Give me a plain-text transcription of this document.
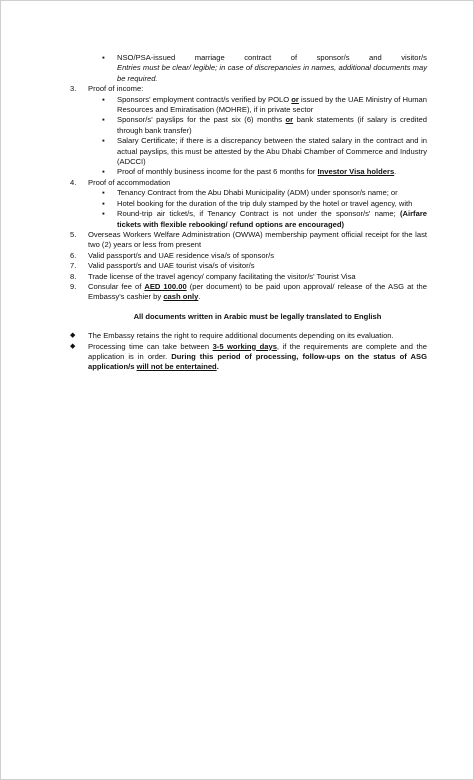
▪ NSO/PSA-issued	marriage	contract	of	sponsor/s	and	visitor/s
Entries must be clear/ legible; in case of discrepancies in names, additional documents may be required.
3. Proof of income:
▪ Sponsors' employment contract/s verified by POLO or issued by the UAE Ministry of Human Resources and Emiratisation (MOHRE), if in private sector
▪ Sponsor/s' payslips for the past six (6) months or bank statements (if salary is credited through bank transfer)
▪ Salary Certificate; if there is a discrepancy between the stated salary in the contract and in actual payslips, this must be attested by the Abu Dhabi Chamber of Commerce and Industry (ADCCI)
▪ Proof of monthly business income for the past 6 months for Investor Visa holders.
4. Proof of accommodation
▪ Tenancy Contract from the Abu Dhabi Municipality (ADM) under sponsor/s name; or
▪ Hotel booking for the duration of the trip duly stamped by the hotel or travel agency, with
▪ Round-trip air ticket/s, if Tenancy Contract is not under the sponsor/s' name; (Airfare tickets with flexible rebooking/ refund options are encouraged)
5. Overseas Workers Welfare Administration (OWWA) membership payment official receipt for the last two (2) years or less from present
6. Valid passport/s and UAE residence visa/s of sponsor/s
7. Valid passport/s and UAE tourist visa/s of visitor/s
8. Trade license of the travel agency/ company facilitating the visitor/s' Tourist Visa
9. Consular fee of AED 100.00 (per document) to be paid upon approval/ release of the ASG at the Embassy's cashier by cash only.
All documents written in Arabic must be legally translated to English
◆ The Embassy retains the right to require additional documents depending on its evaluation.
◆ Processing time can take between 3-5 working days, if the requirements are complete and the application is in order. During this period of processing, follow-ups on the status of ASG application/s will not be entertained.
